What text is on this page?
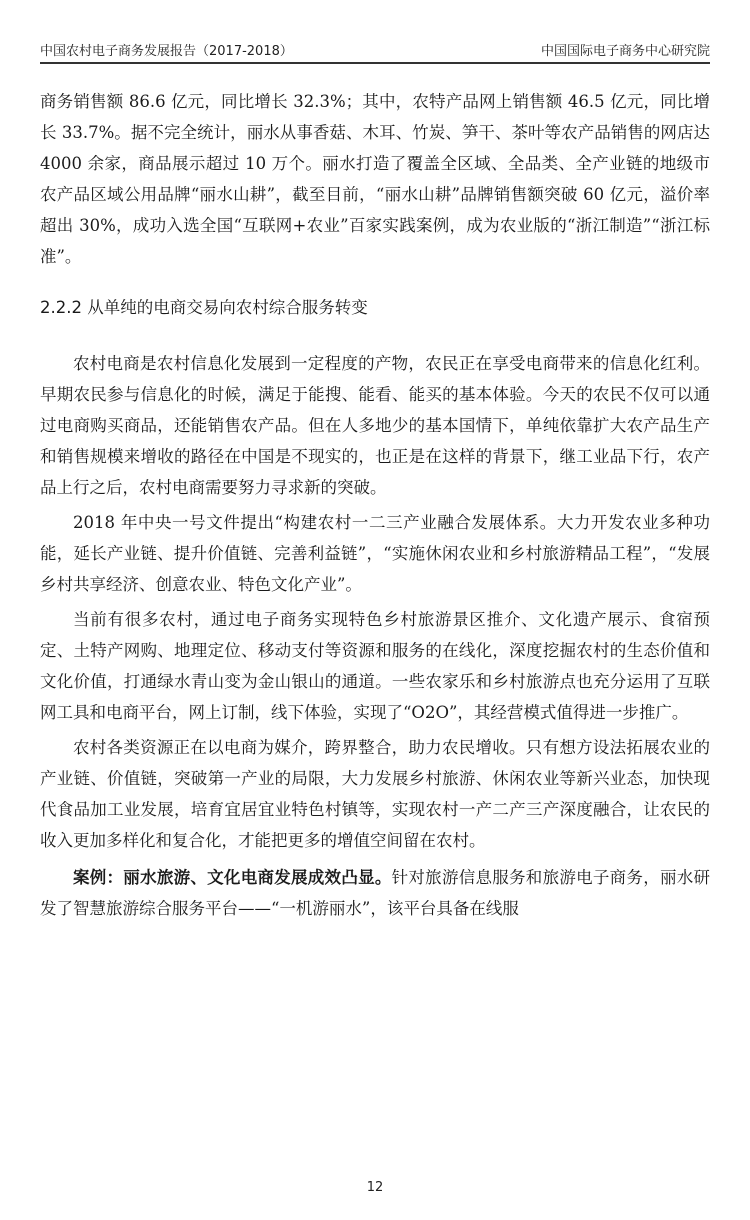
中国农村电子商务发展报告（2017-2018）	中国国际电子商务中心研究院

商务销售额 86.6 亿元，同比增长 32.3%；其中，农特产品网上销售额 46.5 亿元，同比增长 33.7%。据不完全统计，丽水从事香菇、木耳、竹炭、笋干、茶叶等农产品销售的网店达 4000 余家，商品展示超过 10 万个。丽水打造了覆盖全区域、全品类、全产业链的地级市农产品区域公用品牌“丽水山耕”，截至目前，“丽水山耕”品牌销售额突破 60 亿元，溢价率超出 30%，成功入选全国“互联网+农业”百家实践案例，成为农业版的“浙江制造”“浙江标准”。

2.2.2 从单纯的电商交易向农村综合服务转变

农村电商是农村信息化发展到一定程度的产物，农民正在享受电商带来的信息化红利。早期农民参与信息化的时候，满足于能搜、能看、能买的基本体验。今天的农民不仅可以通过电商购买商品，还能销售农产品。但在人多地少的基本国情下，单纯依靠扩大农产品生产和销售规模来增收的路径在中国是不现实的，也正是在这样的背景下，继工业品下行，农产品上行之后，农村电商需要努力寻求新的突破。

2018 年中央一号文件提出“构建农村一二三产业融合发展体系。大力开发农业多种功能，延长产业链、提升价值链、完善利益链”，“实施休闲农业和乡村旅游精品工程”，“发展乡村共享经济、创意农业、特色文化产业”。

当前有很多农村，通过电子商务实现特色乡村旅游景区推介、文化遗产展示、食宿预定、土特产网购、地理定位、移动支付等资源和服务的在线化，深度挖掘农村的生态价值和文化价值，打通绿水青山变为金山银山的通道。一些农家乐和乡村旅游点也充分运用了互联网工具和电商平台，网上订制，线下体验，实现了“O2O”，其经营模式值得进一步推广。

农村各类资源正在以电商为媒介，跨界整合，助力农民增收。只有想方设法拓展农业的产业链、价值链，突破第一产业的局限，大力发展乡村旅游、休闲农业等新兴业态，加快现代食品加工业发展，培育宜居宜业特色村镇等，实现农村一产二产三产深度融合，让农民的收入更加多样化和复合化，才能把更多的增值空间留在农村。

案例：丽水旅游、文化电商发展成效凸显。针对旅游信息服务和旅游电子商务，丽水研发了智慧旅游综合服务平台——“一机游丽水”，该平台具备在线服

12
